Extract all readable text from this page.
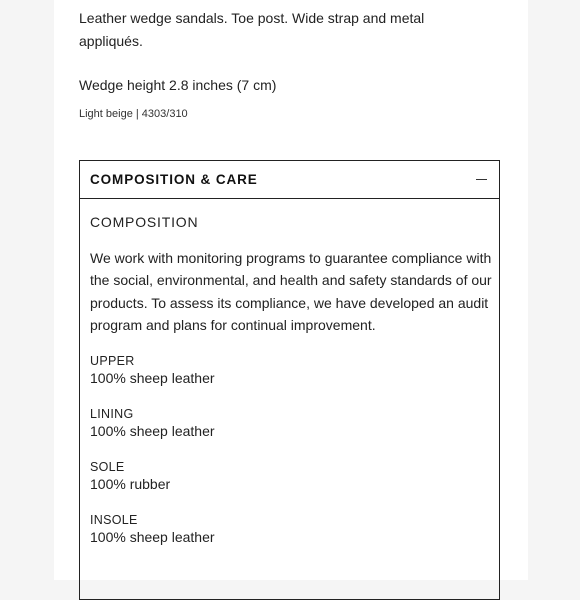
Leather wedge sandals. Toe post. Wide strap and metal appliqués.

Wedge height 2.8 inches (7 cm)

Light beige | 4303/310

COMPOSITION & CARE

COMPOSITION

We work with monitoring programs to guarantee compliance with the social, environmental, and health and safety standards of our products. To assess its compliance, we have developed an audit program and plans for continual improvement.

UPPER

100% sheep leather

LINING

100% sheep leather

SOLE

100% rubber

INSOLE

100% sheep leather
